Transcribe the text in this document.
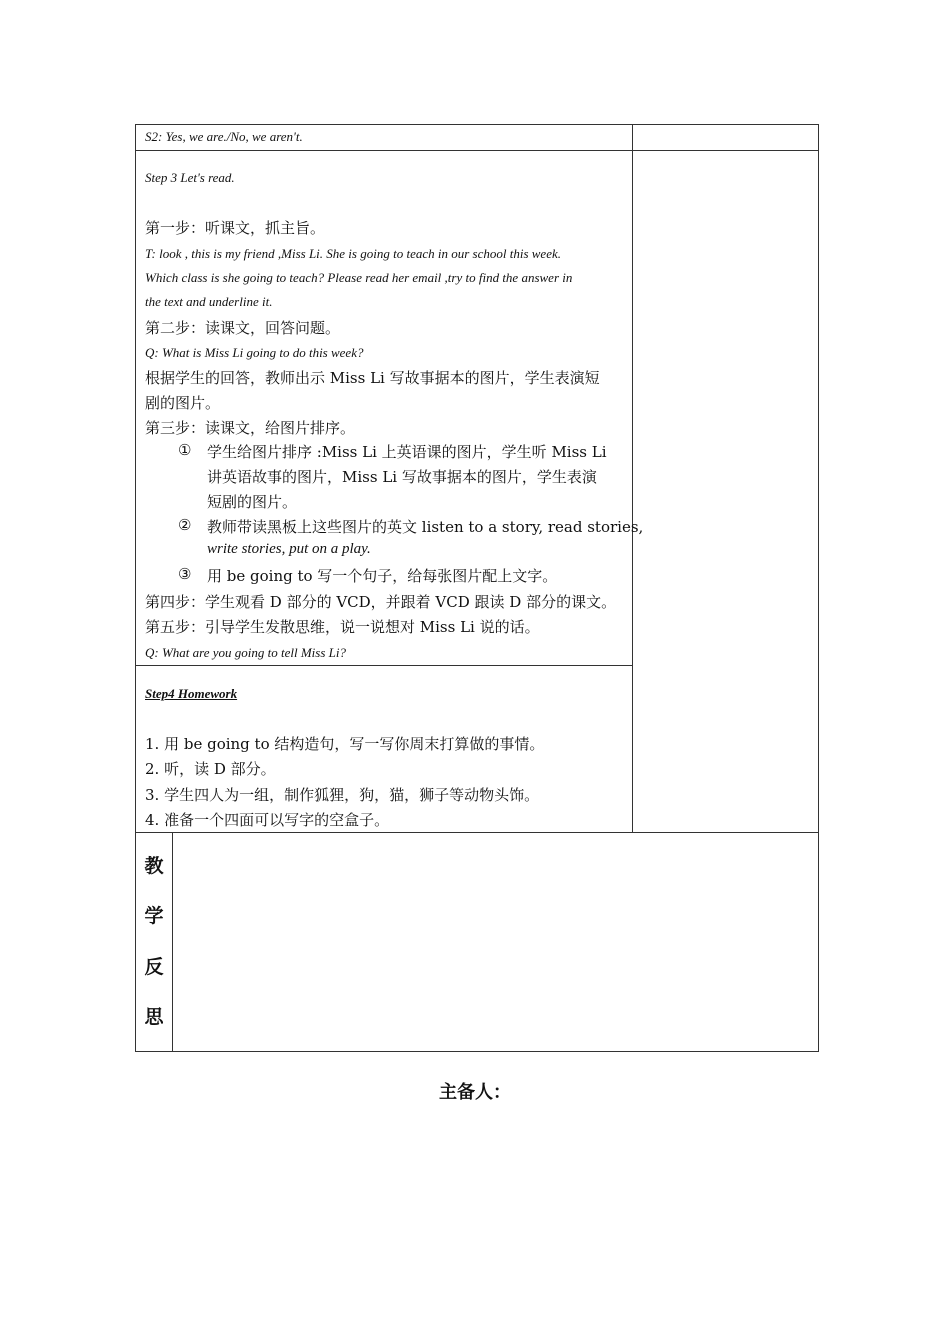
S2: Yes, we are./No, we aren't.
Step 3 Let's read.
第一步：听课文，抓主旨。
T: look , this is my friend ,Miss Li. She is going to teach in our school this week.
Which class is she going to teach? Please read her email ,try to find the answer in
the text and underline it.
第二步：读课文，回答问题。
Q: What is Miss Li going to do this week?
根据学生的回答，教师出示 Miss Li 写故事据本的图片，学生表演短
剧的图片。
第三步：读课文，给图片排序。
① 学生给图片排序 :Miss Li 上英语课的图片，学生听 Miss Li
讲英语故事的图片，Miss Li 写故事据本的图片，学生表演
短剧的图片。
② 教师带读黑板上这些图片的英文 listen to a story, read stories,
write stories, put on a play.
③ 用 be going to 写一个句子，给每张图片配上文字。
第四步：学生观看 D 部分的 VCD，并跟着 VCD 跟读 D 部分的课文。
第五步：引导学生发散思维，说一说想对 Miss Li 说的话。
Q: What are you going to tell Miss Li?
Step4 Homework
1. 用 be going to 结构造句，写一写你周末打算做的事情。
2. 听，读 D 部分。
3. 学生四人为一组，制作狐狸，狗，猫，狮子等动物头饰。
4. 准备一个四面可以写字的空盒子。
教
学
反
思
主备人：
